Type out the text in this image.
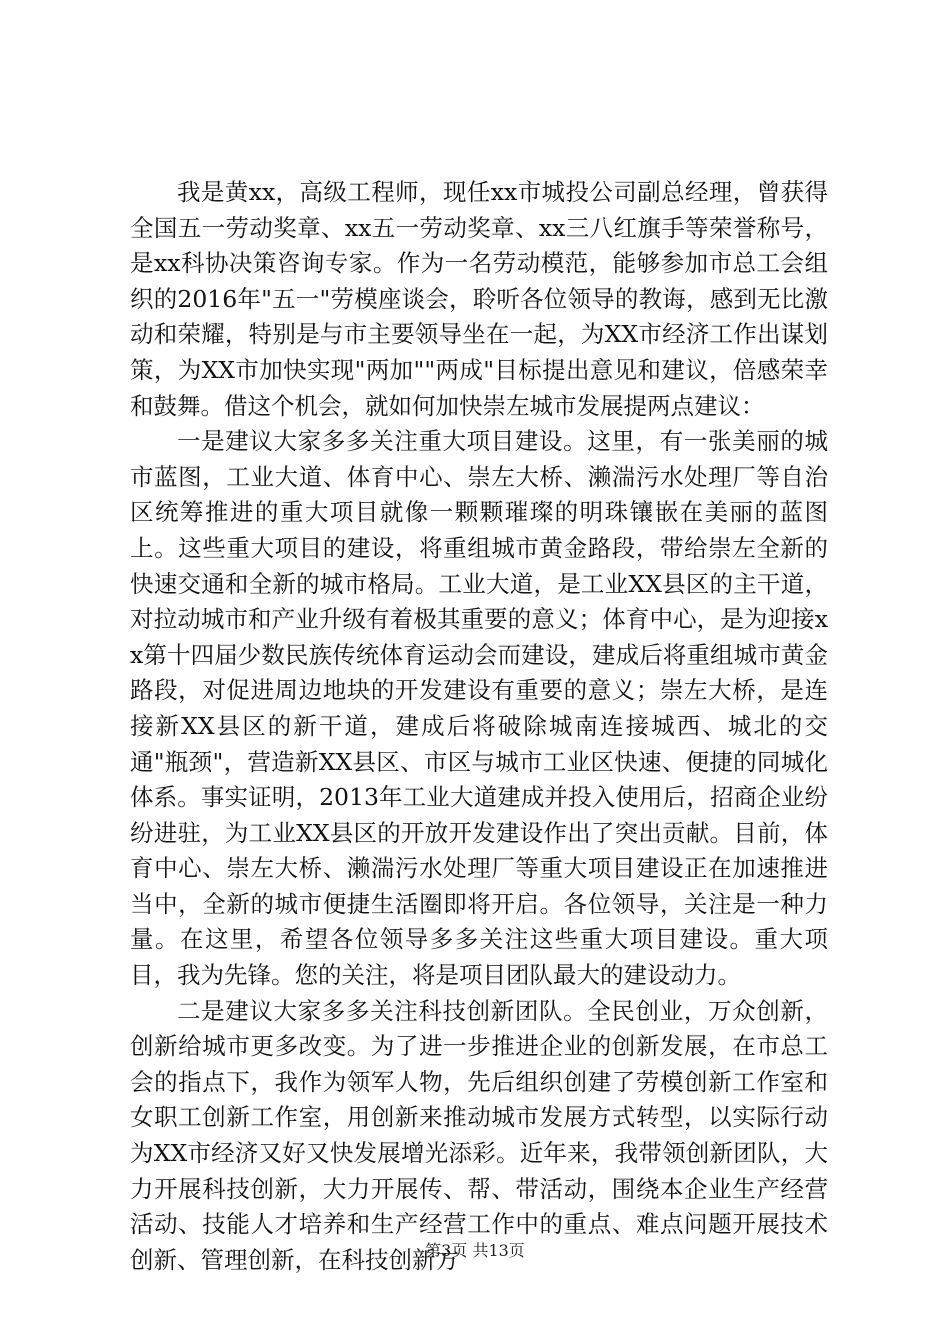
我是黄xx，高级工程师，现任xx市城投公司副总经理，曾获得全国五一劳动奖章、xx五一劳动奖章、xx三八红旗手等荣誉称号，是xx科协决策咨询专家。作为一名劳动模范，能够参加市总工会组织的2016年"五一"劳模座谈会，聆听各位领导的教诲，感到无比激动和荣耀，特别是与市主要领导坐在一起，为XX市经济工作出谋划策，为XX市加快实现"两加""两成"目标提出意见和建议，倍感荣幸和鼓舞。借这个机会，就如何加快崇左城市发展提两点建议：

一是建议大家多多关注重大项目建设。这里，有一张美丽的城市蓝图，工业大道、体育中心、崇左大桥、濑湍污水处理厂等自治区统筹推进的重大项目就像一颗颗璀璨的明珠镶嵌在美丽的蓝图上。这些重大项目的建设，将重组城市黄金路段，带给崇左全新的快速交通和全新的城市格局。工业大道，是工业XX县区的主干道，对拉动城市和产业升级有着极其重要的意义；体育中心，是为迎接xx第十四届少数民族传统体育运动会而建设，建成后将重组城市黄金路段，对促进周边地块的开发建设有重要的意义；崇左大桥，是连接新XX县区的新干道，建成后将破除城南连接城西、城北的交通"瓶颈"，营造新XX县区、市区与城市工业区快速、便捷的同城化体系。事实证明，2013年工业大道建成并投入使用后，招商企业纷纷进驻，为工业XX县区的开放开发建设作出了突出贡献。目前，体育中心、崇左大桥、濑湍污水处理厂等重大项目建设正在加速推进当中，全新的城市便捷生活圈即将开启。各位领导，关注是一种力量。在这里，希望各位领导多多关注这些重大项目建设。重大项目，我为先锋。您的关注，将是项目团队最大的建设动力。

二是建议大家多多关注科技创新团队。全民创业，万众创新，创新给城市更多改变。为了进一步推进企业的创新发展，在市总工会的指点下，我作为领军人物，先后组织创建了劳模创新工作室和女职工创新工作室，用创新来推动城市发展方式转型，以实际行动为XX市经济又好又快发展增光添彩。近年来，我带领创新团队，大力开展科技创新，大力开展传、帮、带活动，围绕本企业生产经营活动、技能人才培养和生产经营工作中的重点、难点问题开展技术创新、管理创新，在科技创新方

第3页 共13页
